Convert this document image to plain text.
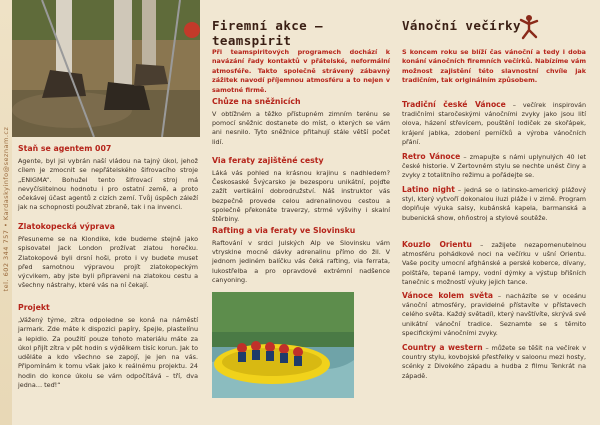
tel. 602 344 757 • Kardaskyinfo@seznam.cz Staň se agentem 007
Agente, byl jsi vybrán naší vládou na tajný úkol, jehož cílem je zmocnit se nepřátelského šifrovacího stroje „ENIGMA“. Bohužel tento šifrovací stroj má nevyčíslitelnou hodnotu i pro ostatní země, a proto očekávej účast agentů z cizích zemí. Tvůj úspěch záleží jak na schopnosti používat zbraně, tak i na invenci.
Zlatokopecká výprava
Přesuneme se na Klondike, kde budeme stejně jako spisovatel Jack London prožívat zlatou horečku. Zlatokopové byli drsní hoši, proto i vy budete muset před samotnou výpravou projít zlatokopeckým výcvikem, aby jste byli připraveni na zlatokou cestu a všechny nástrahy, které vás na ní čekají.
Projekt
„Vážený týme, zítra odpoledne se koná na náměstí jarmark. Zde máte k dispozici papíry, špejle, plastelínu a lepidlo. Za použití pouze tohoto materiálu máte za úkol přijít zítra v pět hodin s výdělkem tisíc korun. Jak to uděláte a kdo všechno se zapojí, je jen na vás. Připomínám k tomu však jako k reálnému projektu. 24 hodin do konce úkolu se vám odpočítává – tří, dva jedna… teď!“
Firemní akce – teamspirit
Při teamspiritových programech dochází k navázání řady kontaktů v přátelské, neformální atmosféře. Takto společně strávený zábavný zážitek navodí příjemnou atmosféru a to nejen v samotné firmě.
Chůze na sněžnicích
V obtížném a těžko přístupném zimním terénu se pomocí sněžnic dostanete do míst, o kterých se vám ani nesnilo. Tyto sněžnice přitahují stále větší počet lidí.
Via feraty zajištěné cesty
Láká vás pohled na krásnou krajinu s nadhledem? Českosaské Švýcarsko je bezesporu unikátní, pojďte zažít vertikální dobrodružství. Náš instruktor vás bezpečně provede celou adrenalinovou cestou a společně překonáte traverzy, strmé výšvihy i skalní štěrbiny.
Rafting a via feraty ve Slovinsku
Raftování v srdci Julských Alp ve Slovinsku vám vtrysklne mocné dávky adrenalinu přímo do žil. V jednom jediném balíčku vás čeká rafting, via ferrata, lukostřelba a pro opravdové extrémní nadšence canyoning.
Vánoční večírky
S koncem roku se blíží čas vánoční a tedy i doba konání vánočních firemních večírků. Nabízíme vám možnost zajistění této slavnostní chvíle jak tradičním, tak originálním způsobem.
Tradiční české Vánoce – večírek inspirován tradičními staročeskými vánočními zvyky jako jsou lití olova, házení střevícem, pouštění lodiček ze skořápek, krájení jablka, zdobení perníčků a výroba vánočních přání.
Retro Vánoce – zmapujte s námi uplynulých 40 let české historie. V Zertovném stylu se nechte unést činy a zvyky z totalitního režimu a pořádejte se.
Latino night – jedná se o latinsko-americký plážový styl, který vytvoří dokonalou iluzi pláže i v zimě. Program doplňuje výuka salsy, kubánská kapela, barmanská a bubenická show, ohňostroj a stylové soutěže.
Kouzlo Orientu – zažijete nezapomenutelnou atmosféru pohádkové noci na večírku v ušní Orientu. Vaše pocity umocní afghánské a perské koberce, dívany, polštáře, tepané lampy, vodní dýmky a výstup břišních tanečnic s možností výuky jejich tance.
Vánoce kolem světa – nacházíte se v oceánu vánoční atmosféry, pravidelné přístavíte v přístavech celého světa. Každý světadíl, který navštívíte, skrývá své unikátní vánoční tradice. Seznamte se s těmito specifickými vánočními zvyky.
Country a western – můžete se těšit na večírek v country stylu, kovbojské přestřelky v saloonu mezi hosty, scénky z Divokého západu a hudba z filmu Tenkrát na západě.
